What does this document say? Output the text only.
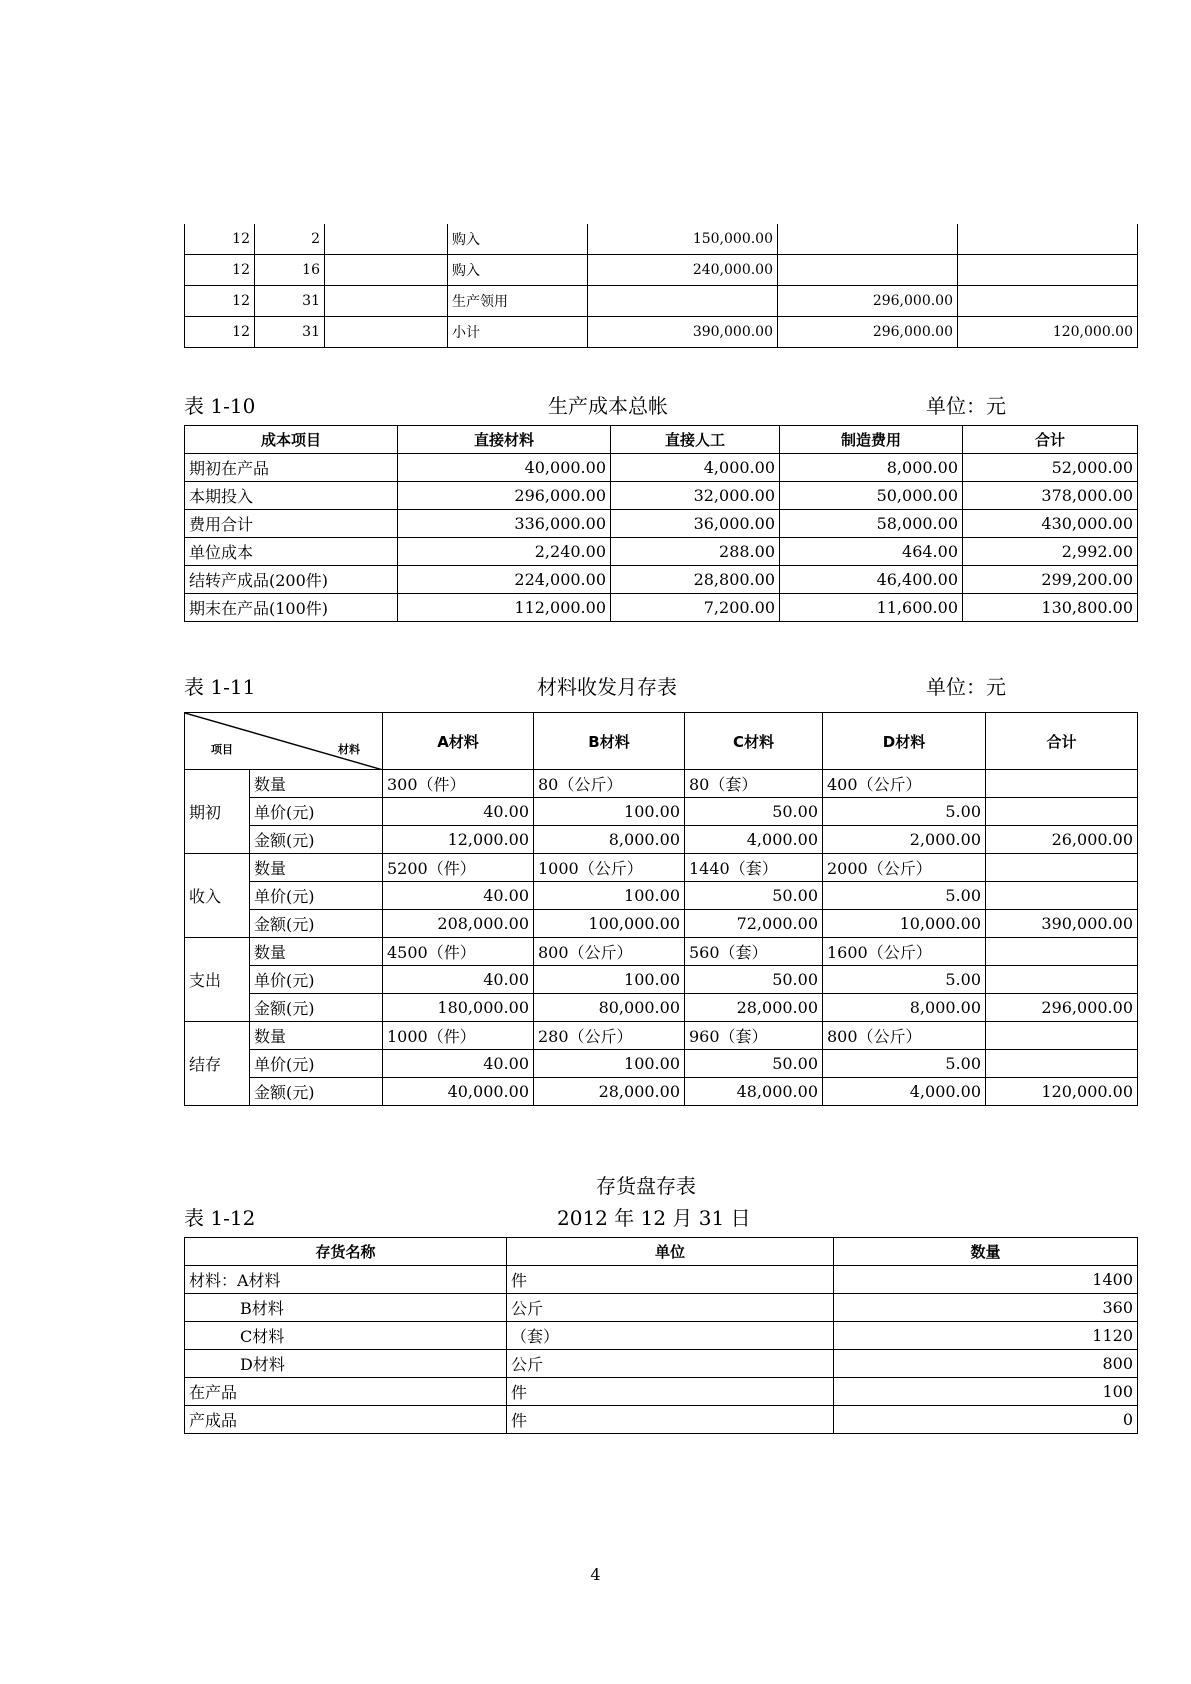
12	2		购入	150,000.00		
12	16		购入	240,000.00		
12	31		生产领用		296,000.00	
12	31		小计	390,000.00	296,000.00	120,000.00
表 1-10	生产成本总帐	单位：元
成本项目	直接材料	直接人工	制造费用	合计
期初在产品	40,000.00	4,000.00	8,000.00	52,000.00
本期投入	296,000.00	32,000.00	50,000.00	378,000.00
费用合计	336,000.00	36,000.00	58,000.00	430,000.00
单位成本	2,240.00	288.00	464.00	2,992.00
结转产成品(200件)	224,000.00	28,800.00	46,400.00	299,200.00
期末在产品(100件)	112,000.00	7,200.00	11,600.00	130,800.00
表 1-11	材料收发月存表	单位：元
项目 材料		A材料	B材料	C材料	D材料	合计
期初	数量	300（件）	80（公斤）	80（套）	400（公斤）	
	单价(元)	40.00	100.00	50.00	5.00	
	金额(元)	12,000.00	8,000.00	4,000.00	2,000.00	26,000.00
收入	数量	5200（件）	1000（公斤）	1440（套）	2000（公斤）	
	单价(元)	40.00	100.00	50.00	5.00	
	金额(元)	208,000.00	100,000.00	72,000.00	10,000.00	390,000.00
支出	数量	4500（件）	800（公斤）	560（套）	1600（公斤）	
	单价(元)	40.00	100.00	50.00	5.00	
	金额(元)	180,000.00	80,000.00	28,000.00	8,000.00	296,000.00
结存	数量	1000（件）	280（公斤）	960（套）	800（公斤）	
	单价(元)	40.00	100.00	50.00	5.00	
	金额(元)	40,000.00	28,000.00	48,000.00	4,000.00	120,000.00
存货盘存表
表 1-12	2012 年 12 月 31 日
存货名称	单位	数量
材料：A材料	件	1400
B材料	公斤	360
C材料	（套）	1120
D材料	公斤	800
在产品	件	100
产成品	件	0
4
